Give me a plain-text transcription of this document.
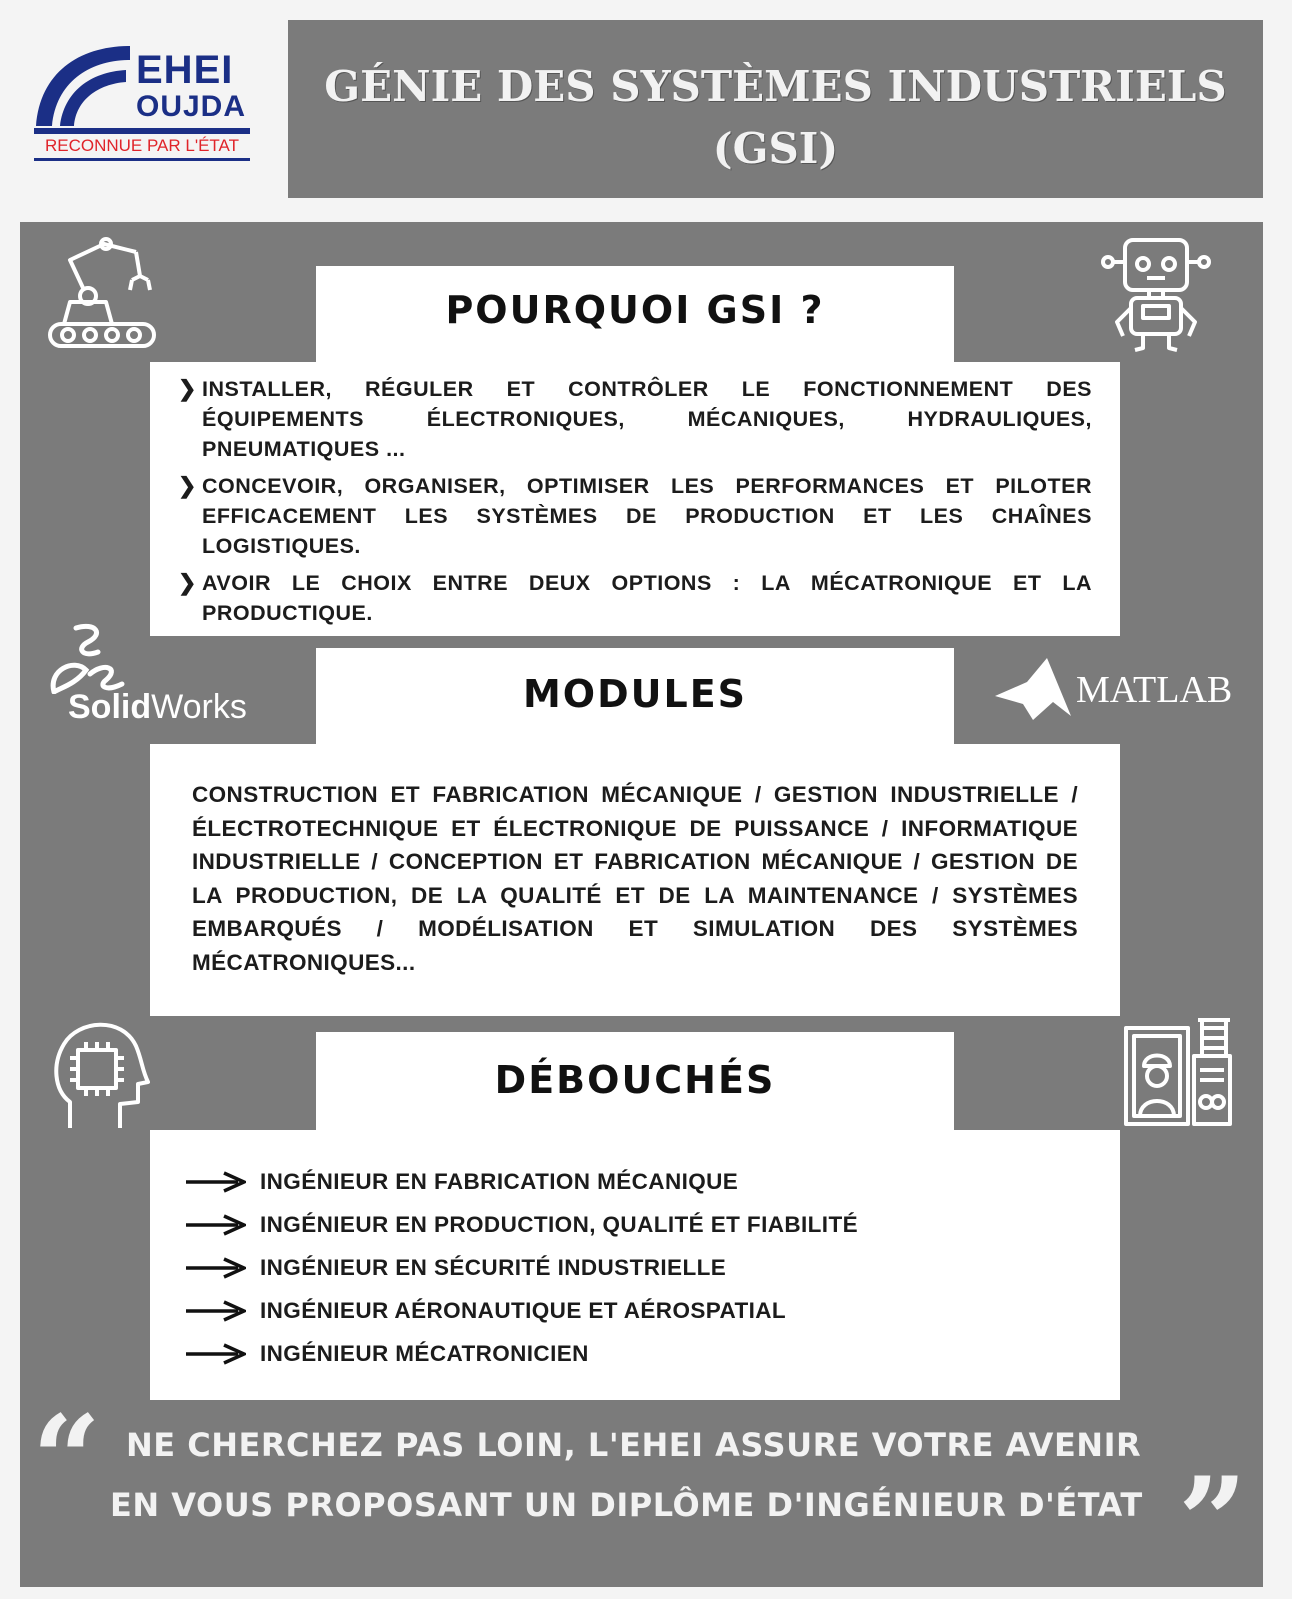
EHEI
OUJDA
RECONNUE PAR L'ÉTAT
GÉNIE DES SYSTÈMES INDUSTRIELS
(GSI)
SolidWorks	MATLAB
POURQUOI GSI ?
❯ INSTALLER, RÉGULER ET CONTRÔLER LE FONCTIONNEMENT DES ÉQUIPEMENTS ÉLECTRONIQUES, MÉCANIQUES, HYDRAULIQUES, PNEUMATIQUES ...
❯ CONCEVOIR, ORGANISER, OPTIMISER LES PERFORMANCES ET PILOTER EFFICACEMENT LES SYSTÈMES DE PRODUCTION ET LES CHAÎNES LOGISTIQUES.
❯ AVOIR LE CHOIX ENTRE DEUX OPTIONS : LA MÉCATRONIQUE ET LA PRODUCTIQUE.
MODULES
CONSTRUCTION ET FABRICATION MÉCANIQUE / GESTION INDUSTRIELLE / ÉLECTROTECHNIQUE ET ÉLECTRONIQUE DE PUISSANCE / INFORMATIQUE INDUSTRIELLE / CONCEPTION ET FABRICATION MÉCANIQUE / GESTION DE LA PRODUCTION, DE LA QUALITÉ ET DE LA MAINTENANCE / SYSTÈMES EMBARQUÉS / MODÉLISATION ET SIMULATION DES SYSTÈMES MÉCATRONIQUES...
DÉBOUCHÉS
INGÉNIEUR EN FABRICATION MÉCANIQUE
INGÉNIEUR EN PRODUCTION, QUALITÉ ET FIABILITÉ
INGÉNIEUR EN SÉCURITÉ INDUSTRIELLE
INGÉNIEUR AÉRONAUTIQUE ET AÉROSPATIAL
INGÉNIEUR MÉCATRONICIEN
“ NE CHERCHEZ PAS LOIN, L'EHEI ASSURE VOTRE AVENIR
EN VOUS PROPOSANT UN DIPLÔME D'INGÉNIEUR D'ÉTAT ”
